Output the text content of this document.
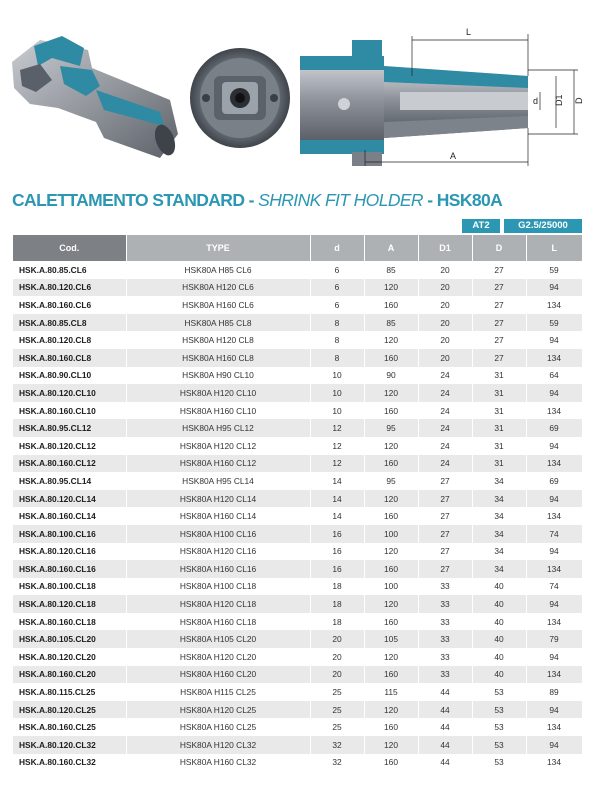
L
A
d D1 D
CALETTAMENTO STANDARD - SHRINK FIT HOLDER - HSK80A
AT2	G2.5/25000
Cod.	TYPE	d	A	D1	D	L
HSK.A.80.85.CL6	HSK80A H85 CL6	6	85	20	27	59
HSK.A.80.120.CL6	HSK80A H120 CL6	6	120	20	27	94
HSK.A.80.160.CL6	HSK80A H160 CL6	6	160	20	27	134
HSK.A.80.85.CL8	HSK80A H85 CL8	8	85	20	27	59
HSK.A.80.120.CL8	HSK80A H120 CL8	8	120	20	27	94
HSK.A.80.160.CL8	HSK80A H160 CL8	8	160	20	27	134
HSK.A.80.90.CL10	HSK80A H90 CL10	10	90	24	31	64
HSK.A.80.120.CL10	HSK80A H120 CL10	10	120	24	31	94
HSK.A.80.160.CL10	HSK80A H160 CL10	10	160	24	31	134
HSK.A.80.95.CL12	HSK80A H95 CL12	12	95	24	31	69
HSK.A.80.120.CL12	HSK80A H120 CL12	12	120	24	31	94
HSK.A.80.160.CL12	HSK80A H160 CL12	12	160	24	31	134
HSK.A.80.95.CL14	HSK80A H95 CL14	14	95	27	34	69
HSK.A.80.120.CL14	HSK80A H120 CL14	14	120	27	34	94
HSK.A.80.160.CL14	HSK80A H160 CL14	14	160	27	34	134
HSK.A.80.100.CL16	HSK80A H100 CL16	16	100	27	34	74
HSK.A.80.120.CL16	HSK80A H120 CL16	16	120	27	34	94
HSK.A.80.160.CL16	HSK80A H160 CL16	16	160	27	34	134
HSK.A.80.100.CL18	HSK80A H100 CL18	18	100	33	40	74
HSK.A.80.120.CL18	HSK80A H120 CL18	18	120	33	40	94
HSK.A.80.160.CL18	HSK80A H160 CL18	18	160	33	40	134
HSK.A.80.105.CL20	HSK80A H105 CL20	20	105	33	40	79
HSK.A.80.120.CL20	HSK80A H120 CL20	20	120	33	40	94
HSK.A.80.160.CL20	HSK80A H160 CL20	20	160	33	40	134
HSK.A.80.115.CL25	HSK80A H115 CL25	25	115	44	53	89
HSK.A.80.120.CL25	HSK80A H120 CL25	25	120	44	53	94
HSK.A.80.160.CL25	HSK80A H160 CL25	25	160	44	53	134
HSK.A.80.120.CL32	HSK80A H120 CL32	32	120	44	53	94
HSK.A.80.160.CL32	HSK80A H160 CL32	32	160	44	53	134
